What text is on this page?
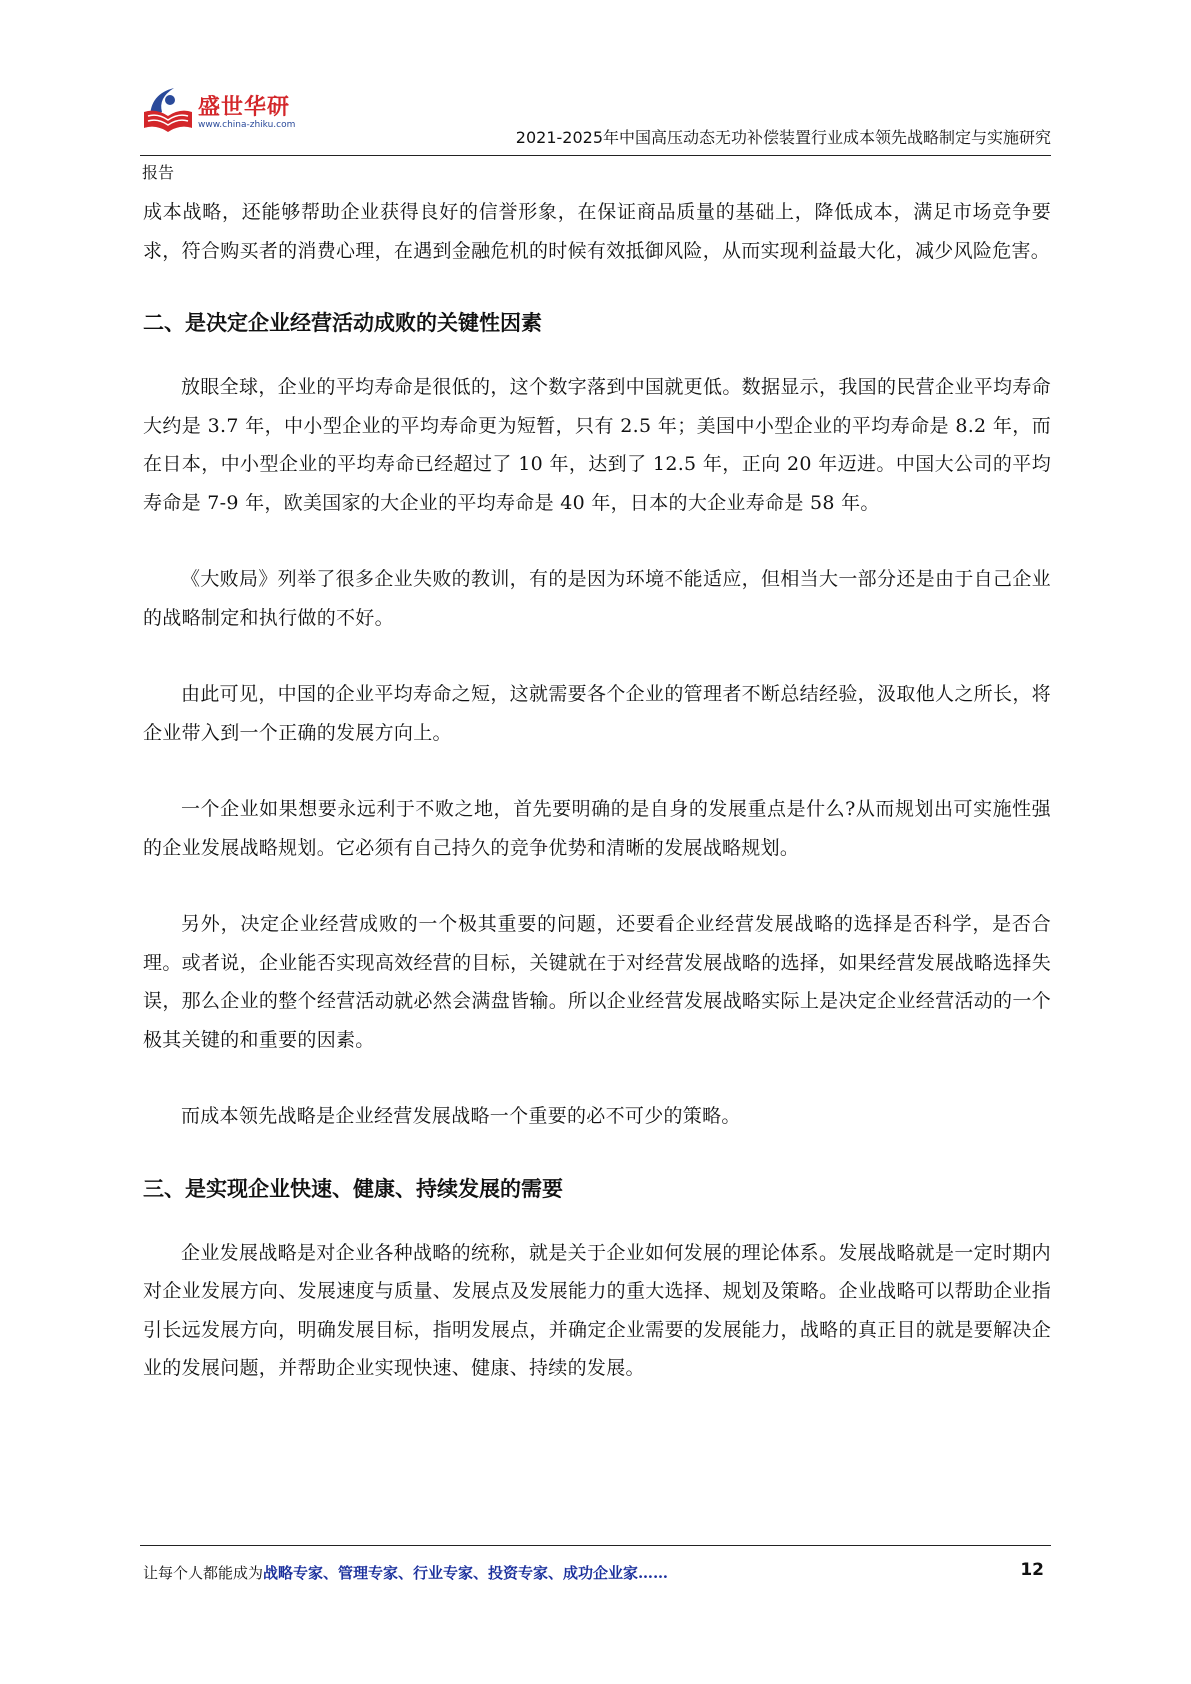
盛世华研
www.china-zhiku.com
2021-2025年中国高压动态无功补偿装置行业成本领先战略制定与实施研究
报告

成本战略，还能够帮助企业获得良好的信誉形象，在保证商品质量的基础上，降低成本，满足市场竞争要求，符合购买者的消费心理，在遇到金融危机的时候有效抵御风险，从而实现利益最大化，减少风险危害。

二、是决定企业经营活动成败的关键性因素

放眼全球，企业的平均寿命是很低的，这个数字落到中国就更低。数据显示，我国的民营企业平均寿命大约是 3.7 年，中小型企业的平均寿命更为短暂，只有 2.5 年；美国中小型企业的平均寿命是 8.2 年，而在日本，中小型企业的平均寿命已经超过了 10 年，达到了 12.5 年，正向 20 年迈进。中国大公司的平均寿命是 7-9 年，欧美国家的大企业的平均寿命是 40 年，日本的大企业寿命是 58 年。

《大败局》列举了很多企业失败的教训，有的是因为环境不能适应，但相当大一部分还是由于自己企业的战略制定和执行做的不好。

由此可见，中国的企业平均寿命之短，这就需要各个企业的管理者不断总结经验，汲取他人之所长，将企业带入到一个正确的发展方向上。

一个企业如果想要永远利于不败之地，首先要明确的是自身的发展重点是什么?从而规划出可实施性强的企业发展战略规划。它必须有自己持久的竞争优势和清晰的发展战略规划。

另外，决定企业经营成败的一个极其重要的问题，还要看企业经营发展战略的选择是否科学，是否合理。或者说，企业能否实现高效经营的目标，关键就在于对经营发展战略的选择，如果经营发展战略选择失误，那么企业的整个经营活动就必然会满盘皆输。所以企业经营发展战略实际上是决定企业经营活动的一个极其关键的和重要的因素。

而成本领先战略是企业经营发展战略一个重要的必不可少的策略。

三、是实现企业快速、健康、持续发展的需要

企业发展战略是对企业各种战略的统称，就是关于企业如何发展的理论体系。发展战略就是一定时期内对企业发展方向、发展速度与质量、发展点及发展能力的重大选择、规划及策略。企业战略可以帮助企业指引长远发展方向，明确发展目标，指明发展点，并确定企业需要的发展能力，战略的真正目的就是要解决企业的发展问题，并帮助企业实现快速、健康、持续的发展。

让每个人都能成为战略专家、管理专家、行业专家、投资专家、成功企业家……	12
